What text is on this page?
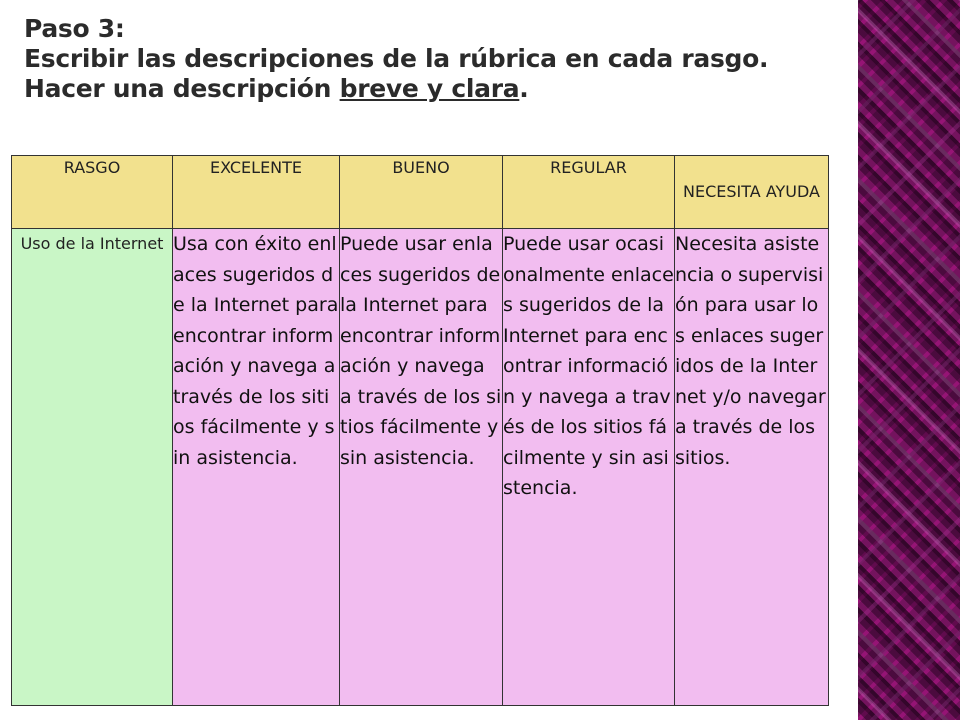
Paso 3:
Escribir las descripciones de la rúbrica en cada rasgo.
Hacer una descripción breve y clara.
RASGO	EXCELENTE	BUENO	REGULAR	NECESITA AYUDA
Uso de la Internet	Usa con éxito enlaces sugeridos de la Internet para encontrar información y navega a través de los sitios fácilmente y sin asistencia.	Puede usar enlaces sugeridos de la Internet para encontrar información y navega a través de los sitios fácilmente y sin asistencia.	Puede usar ocasionalmente enlaces sugeridos de la Internet para encontrar información y navega a través de los sitios fácilmente y sin asistencia.	Necesita asistencia o supervisión para usar los enlaces sugeridos de la Internet y/o navegar a través de los sitios.
